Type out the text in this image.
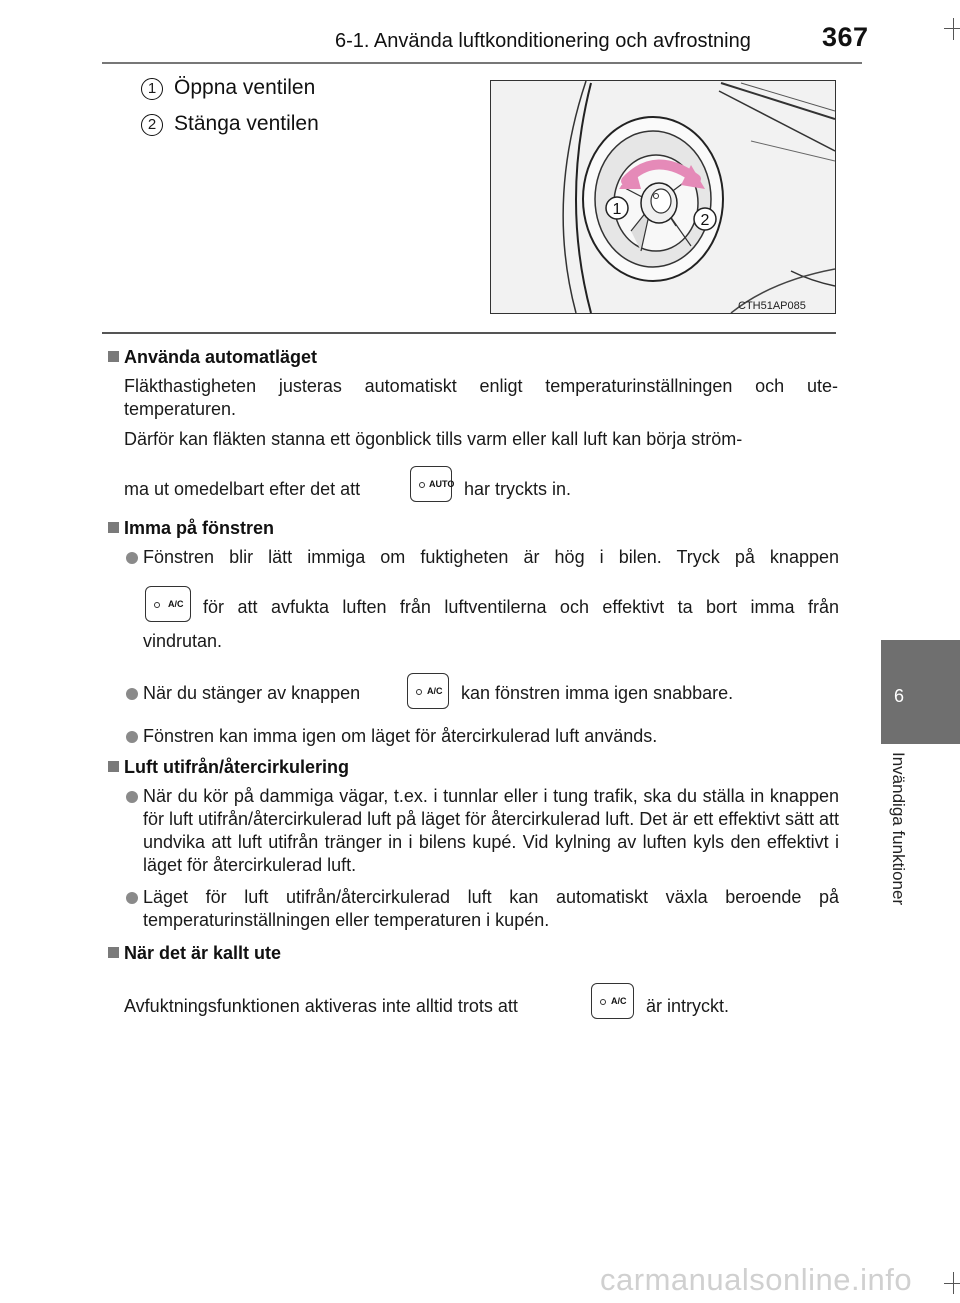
6-1. Använda luftkonditionering och avfrostning	367
6
Invändiga funktioner
1 Öppna ventilen
2 Stänga ventilen
1
2
CTH51AP085
Använda automatläget
Fläkthastigheten justeras automatiskt enligt temperaturinställningen och ute-temperaturen.
Därför kan fläkten stanna ett ögonblick tills varm eller kall luft kan börja ström-
ma ut omedelbart efter det att	AUTO har tryckts in.
Imma på fönstren
Fönstren blir lätt immiga om fuktigheten är hög i bilen. Tryck på knappen
A/C för att avfukta luften från luftventilerna och effektivt ta bort imma från
vindrutan.
När du stänger av knappen	A/C kan fönstren imma igen snabbare.
Fönstren kan imma igen om läget för återcirkulerad luft används.
Luft utifrån/återcirkulering
När du kör på dammiga vägar, t.ex. i tunnlar eller i tung trafik, ska du ställa in knappen för luft utifrån/återcirkulerad luft på läget för återcirkulerad luft. Det är ett effektivt sätt att undvika att luft utifrån tränger in i bilens kupé. Vid kylning av luften kyls den effektivt i läget för återcirkulerad luft.
Läget för luft utifrån/återcirkulerad luft kan automatiskt växla beroende på temperaturinställningen eller temperaturen i kupén.
När det är kallt ute
Avfuktningsfunktionen aktiveras inte alltid trots att	A/C är intryckt.
carmanualsonline.info
